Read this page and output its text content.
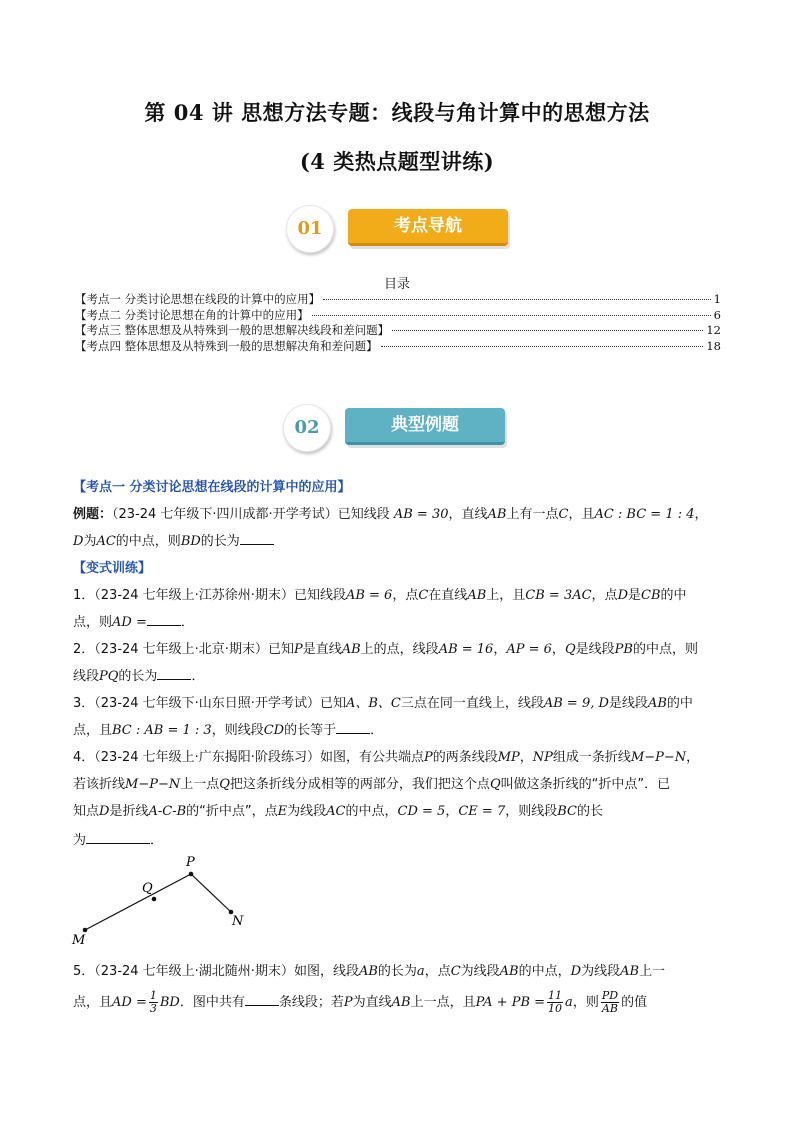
第 04 讲 思想方法专题：线段与角计算中的思想方法
(4 类热点题型讲练)
01	考点导航
目录
【考点一 分类讨论思想在线段的计算中的应用】	1
【考点二 分类讨论思想在角的计算中的应用】	6
【考点三 整体思想及从特殊到一般的思想解决线段和差问题】	12
【考点四 整体思想及从特殊到一般的思想解决角和差问题】	18
02	典型例题
【考点一 分类讨论思想在线段的计算中的应用】
例题：（23-24 七年级下·四川成都·开学考试）已知线段 AB = 30，直线AB上有一点C，且AC : BC = 1 : 4，
D为AC的中点，则BD的长为
【变式训练】
1．（23-24 七年级上·江苏徐州·期末）已知线段AB = 6，点C在直线AB上，且CB = 3AC，点D是CB的中
点，则AD =	．
2．（23-24 七年级上·北京·期末）已知P是直线AB上的点，线段AB = 16，AP = 6，Q是线段PB的中点，则
线段PQ的长为	．
3．（23-24 七年级下·山东日照·开学考试）已知A、B、C三点在同一直线上，线段AB = 9, D是线段AB的中
点，且BC : AB = 1 : 3，则线段CD的长等于	．
4．（23-24 七年级上·广东揭阳·阶段练习）如图，有公共端点P的两条线段MP，NP组成一条折线M−P−N，
若该折线M−P−N上一点Q把这条折线分成相等的两部分，我们把这个点Q叫做这条折线的“折中点”．已
知点D是折线A-C-B的“折中点”，点E为线段AC的中点，CD = 5，CE = 7，则线段BC的长
为	．
M
Q
P
N
5．（23-24 七年级上·湖北随州·期末）如图，线段AB的长为a，点C为线段AB的中点，D为线段AB上一
点，且AD = $\frac{1}{3}$ BD．图中共有	条线段；若P为直线AB上一点，且PA + PB = $\frac{11}{10}$ a，则 $\frac{PD}{AB}$ 的值
